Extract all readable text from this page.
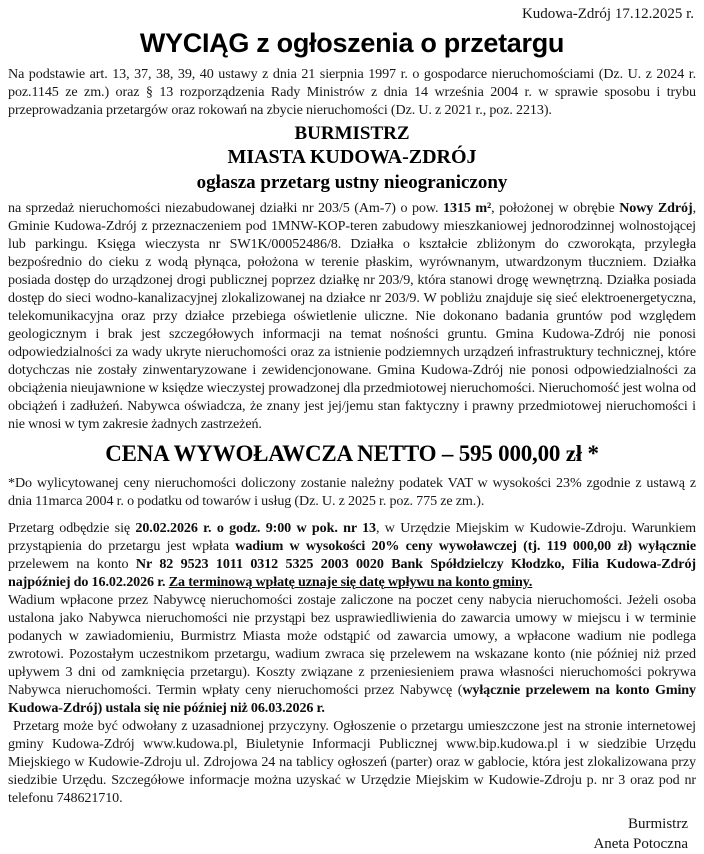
Kudowa-Zdrój 17.12.2025 r.
WYCIĄG z ogłoszenia o przetargu

Na podstawie art. 13, 37, 38, 39, 40 ustawy z dnia 21 sierpnia 1997 r. o gospodarce nieruchomościami (Dz. U. z 2024 r. poz.1145 ze zm.) oraz § 13 rozporządzenia Rady Ministrów z dnia 14 września 2004 r. w sprawie sposobu i trybu przeprowadzania przetargów oraz rokowań na zbycie nieruchomości (Dz. U. z 2021 r., poz. 2213).

BURMISTRZ
MIASTA KUDOWA-ZDRÓJ
ogłasza przetarg ustny nieograniczony

na sprzedaż nieruchomości niezabudowanej działki nr 203/5 (Am-7) o pow. 1315 m², położonej w obrębie Nowy Zdrój, Gminie Kudowa-Zdrój z przeznaczeniem pod 1MNW-KOP-teren zabudowy mieszkaniowej jednorodzinnej wolnostojącej lub parkingu. Księga wieczysta nr SW1K/00052486/8. Działka o kształcie zbliżonym do czworokąta, przyległa bezpośrednio do cieku z wodą płynąca, położona w terenie płaskim, wyrównanym, utwardzonym tłuczniem. Działka posiada dostęp do urządzonej drogi publicznej poprzez działkę nr 203/9, która stanowi drogę wewnętrzną. Działka posiada dostęp do sieci wodno-kanalizacyjnej zlokalizowanej na działce nr 203/9. W pobliżu znajduje się sieć elektroenergetyczna, telekomunikacyjna oraz przy działce przebiega oświetlenie uliczne. Nie dokonano badania gruntów pod względem geologicznym i brak jest szczegółowych informacji na temat nośności gruntu. Gmina Kudowa-Zdrój nie ponosi odpowiedzialności za wady ukryte nieruchomości oraz za istnienie podziemnych urządzeń infrastruktury technicznej, które dotychczas nie zostały zinwentaryzowane i zewidencjonowane. Gmina Kudowa-Zdrój nie ponosi odpowiedzialności za obciążenia nieujawnione w księdze wieczystej prowadzonej dla przedmiotowej nieruchomości. Nieruchomość jest wolna od obciążeń i zadłużeń. Nabywca oświadcza, że znany jest jej/jemu stan faktyczny i prawny przedmiotowej nieruchomości i nie wnosi w tym zakresie żadnych zastrzeżeń.

CENA WYWOŁAWCZA NETTO – 595 000,00 zł *

*Do wylicytowanej ceny nieruchomości doliczony zostanie należny podatek VAT w wysokości 23% zgodnie z ustawą z dnia 11marca 2004 r. o podatku od towarów i usług (Dz. U. z 2025 r. poz. 775 ze zm.).

Przetarg odbędzie się 20.02.2026 r. o godz. 9:00 w pok. nr 13, w Urzędzie Miejskim w Kudowie-Zdroju. Warunkiem przystąpienia do przetargu jest wpłata wadium w wysokości 20% ceny wywoławczej (tj. 119 000,00 zł) wyłącznie przelewem na konto Nr 82 9523 1011 0312 5325 2003 0020 Bank Spółdzielczy Kłodzko, Filia Kudowa-Zdrój najpóźniej do 16.02.2026 r. Za terminową wpłatę uznaje się datę wpływu na konto gminy.

Wadium wpłacone przez Nabywcę nieruchomości zostaje zaliczone na poczet ceny nabycia nieruchomości. Jeżeli osoba ustalona jako Nabywca nieruchomości nie przystąpi bez usprawiedliwienia do zawarcia umowy w miejscu i w terminie podanych w zawiadomieniu, Burmistrz Miasta może odstąpić od zawarcia umowy, a wpłacone wadium nie podlega zwrotowi. Pozostałym uczestnikom przetargu, wadium zwraca się przelewem na wskazane konto (nie później niż przed upływem 3 dni od zamknięcia przetargu). Koszty związane z przeniesieniem prawa własności nieruchomości pokrywa Nabywca nieruchomości. Termin wpłaty ceny nieruchomości przez Nabywcę (wyłącznie przelewem na konto Gminy Kudowa-Zdrój) ustala się nie później niż 06.03.2026 r.

Przetarg może być odwołany z uzasadnionej przyczyny. Ogłoszenie o przetargu umieszczone jest na stronie internetowej gminy Kudowa-Zdrój www.kudowa.pl, Biuletynie Informacji Publicznej www.bip.kudowa.pl i w siedzibie Urzędu Miejskiego w Kudowie-Zdroju ul. Zdrojowa 24 na tablicy ogłoszeń (parter) oraz w gablocie, która jest zlokalizowana przy siedzibie Urzędu. Szczegółowe informacje można uzyskać w Urzędzie Miejskim w Kudowie-Zdroju p. nr 3 oraz pod nr telefonu 748621710.

Burmistrz
Aneta Potoczna
